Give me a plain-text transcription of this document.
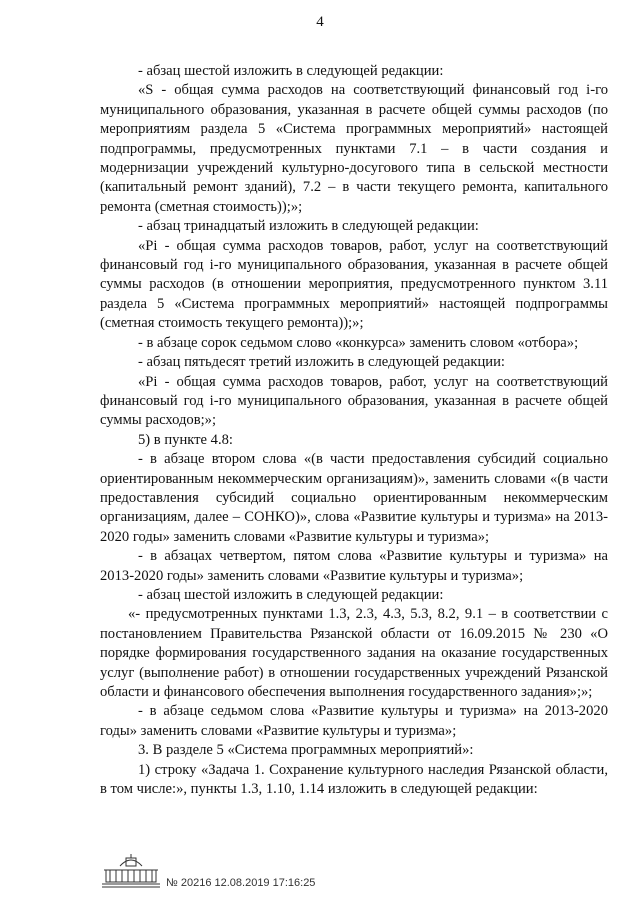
4

- абзац шестой изложить в следующей редакции:

«S - общая сумма расходов на соответствующий финансовый год i-го муниципального образования, указанная в расчете общей суммы расходов (по мероприятиям раздела 5 «Система программных мероприятий» настоящей подпрограммы, предусмотренных пунктами 7.1 – в части создания и модернизации учреждений культурно-досугового типа в сельской местности (капитальный ремонт зданий), 7.2 – в части текущего ремонта, капитального ремонта (сметная стоимость));»;

- абзац тринадцатый изложить в следующей редакции:

«Pi - общая сумма расходов товаров, работ, услуг на соответствующий финансовый год i-го муниципального образования, указанная в расчете общей суммы расходов (в отношении мероприятия, предусмотренного пунктом 3.11 раздела 5 «Система программных мероприятий» настоящей подпрограммы (сметная стоимость текущего ремонта));»;

- в абзаце сорок седьмом слово «конкурса» заменить словом «отбора»;

- абзац пятьдесят третий изложить в следующей редакции:

«Pi - общая сумма расходов товаров, работ, услуг на соответствующий финансовый год i-го муниципального образования, указанная в расчете общей суммы расходов;»;

5) в пункте 4.8:

- в абзаце втором слова «(в части предоставления субсидий социально ориентированным некоммерческим организациям)», заменить словами «(в части предоставления субсидий социально ориентированным некоммерческим организациям, далее – СОНКО)», слова «Развитие культуры и туризма» на 2013-2020 годы» заменить словами «Развитие культуры и туризма»;

- в абзацах четвертом, пятом слова «Развитие культуры и туризма» на 2013-2020 годы» заменить словами «Развитие культуры и туризма»;

- абзац шестой изложить в следующей редакции:

«- предусмотренных пунктами 1.3, 2.3, 4.3, 5.3, 8.2, 9.1 – в соответствии с постановлением Правительства Рязанской области от 16.09.2015 № 230 «О порядке формирования государственного задания на оказание государственных услуг (выполнение работ) в отношении государственных учреждений Рязанской области и финансового обеспечения выполнения государственного задания»;»;

- в абзаце седьмом слова «Развитие культуры и туризма» на 2013-2020 годы» заменить словами «Развитие культуры и туризма»;

3. В разделе 5 «Система программных мероприятий»:

1) строку «Задача 1. Сохранение культурного наследия Рязанской области, в том числе:», пункты 1.3, 1.10, 1.14 изложить в следующей редакции:

№ 20216 12.08.2019 17:16:25
